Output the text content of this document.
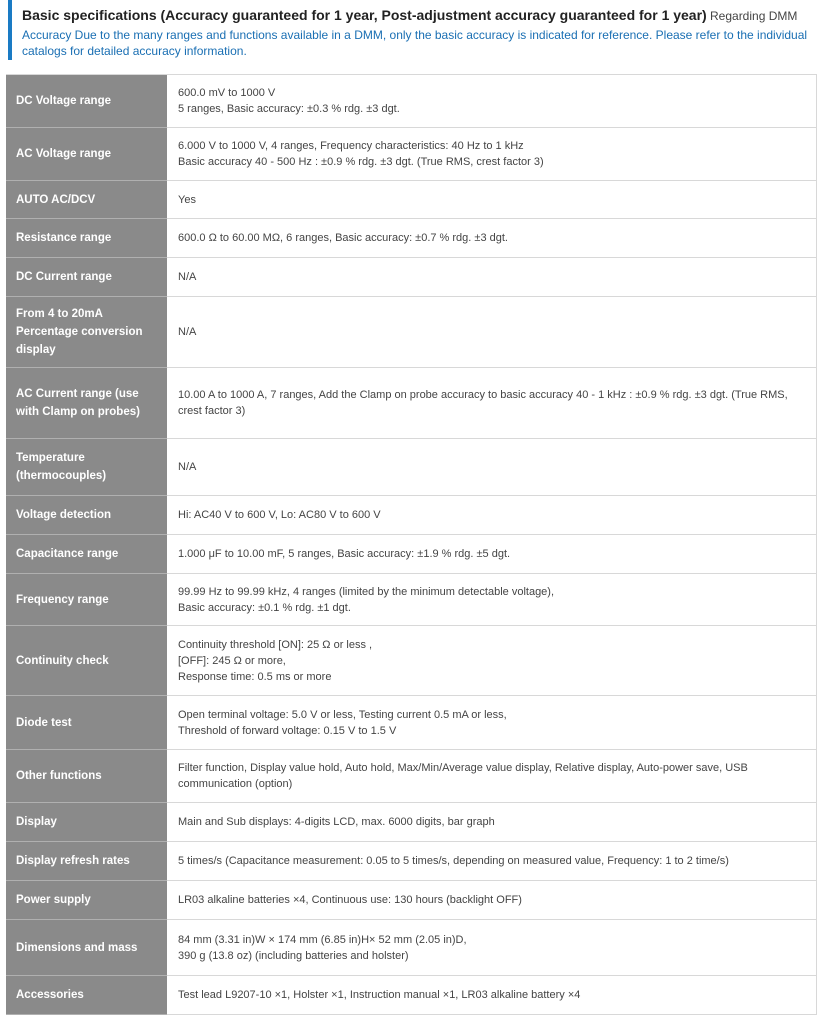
Basic specifications (Accuracy guaranteed for 1 year, Post-adjustment accuracy guaranteed for 1 year) Regarding DMM
Accuracy Due to the many ranges and functions available in a DMM, only the basic accuracy is indicated for reference. Please refer to the individual catalogs for detailed accuracy information.
DC Voltage range	600.0 mV to 1000 V
5 ranges, Basic accuracy: ±0.3 % rdg. ±3 dgt.

AC Voltage range	6.000 V to 1000 V, 4 ranges, Frequency characteristics: 40 Hz to 1 kHz
Basic accuracy 40 - 500 Hz : ±0.9 % rdg. ±3 dgt. (True RMS, crest factor 3)

AUTO AC/DCV	Yes

Resistance range	600.0 Ω to 60.00 MΩ, 6 ranges, Basic accuracy: ±0.7 % rdg. ±3 dgt.

DC Current range	N/A

From 4 to 20mA Percentage conversion display	N/A

AC Current range (use with Clamp on probes)	10.00 A to 1000 A, 7 ranges, Add the Clamp on probe accuracy to basic accuracy 40 - 1 kHz : ±0.9 % rdg. ±3 dgt. (True RMS, crest factor 3)

Temperature (thermocouples)	N/A

Voltage detection	Hi: AC40 V to 600 V, Lo: AC80 V to 600 V

Capacitance range	1.000 μF to 10.00 mF, 5 ranges, Basic accuracy: ±1.9 % rdg. ±5 dgt.

Frequency range	99.99 Hz to 99.99 kHz, 4 ranges (limited by the minimum detectable voltage),
Basic accuracy: ±0.1 % rdg. ±1 dgt.

Continuity check	Continuity threshold [ON]: 25 Ω or less ,
[OFF]: 245 Ω or more,
Response time: 0.5 ms or more

Diode test	Open terminal voltage: 5.0 V or less, Testing current 0.5 mA or less,
Threshold of forward voltage: 0.15 V to 1.5 V

Other functions	Filter function, Display value hold, Auto hold, Max/Min/Average value display, Relative display, Auto-power save, USB communication (option)

Display	Main and Sub displays: 4-digits LCD, max. 6000 digits, bar graph

Display refresh rates	5 times/s (Capacitance measurement: 0.05 to 5 times/s, depending on measured value, Frequency: 1 to 2 time/s)

Power supply	LR03 alkaline batteries ×4, Continuous use: 130 hours (backlight OFF)

Dimensions and mass	84 mm (3.31 in)W × 174 mm (6.85 in)H× 52 mm (2.05 in)D,
390 g (13.8 oz) (including batteries and holster)

Accessories	Test lead L9207-10 ×1, Holster ×1, Instruction manual ×1, LR03 alkaline battery ×4
